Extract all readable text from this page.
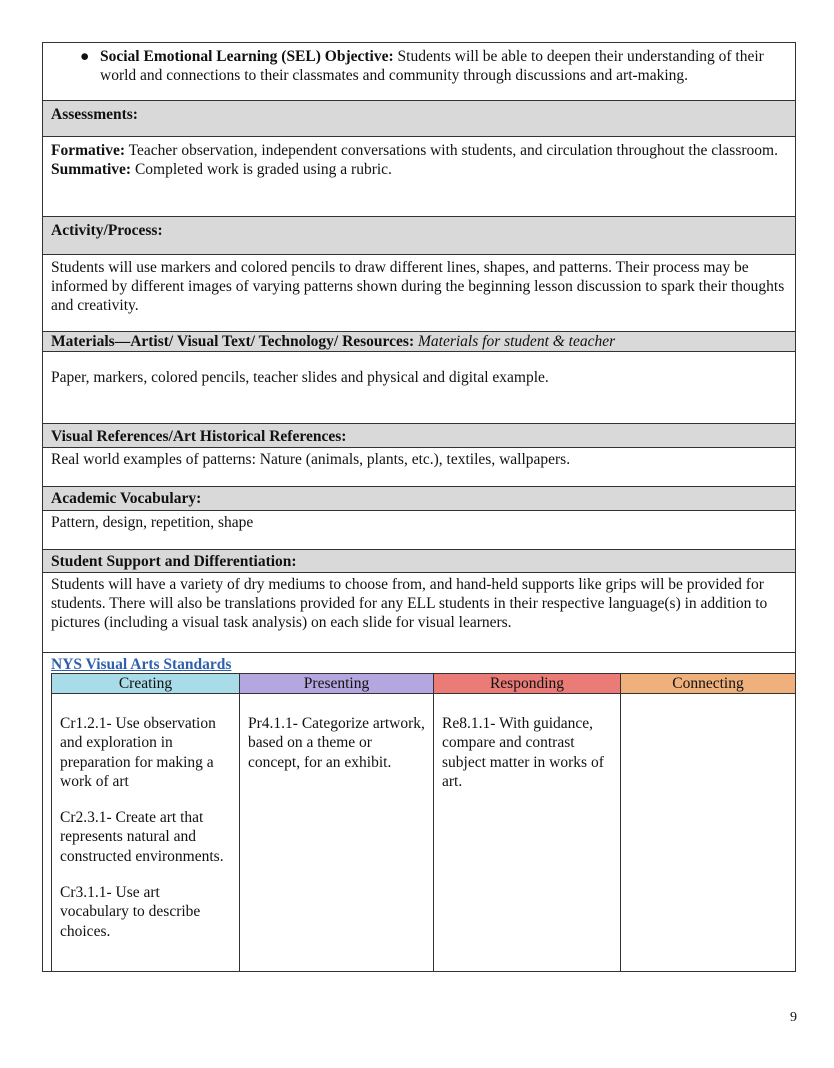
● Social Emotional Learning (SEL) Objective: Students will be able to deepen their understanding of their world and connections to their classmates and community through discussions and art-making.
Assessments:
Formative: Teacher observation, independent conversations with students, and circulation throughout the classroom.
Summative: Completed work is graded using a rubric.
Activity/Process:
Students will use markers and colored pencils to draw different lines, shapes, and patterns. Their process may be informed by different images of varying patterns shown during the beginning lesson discussion to spark their thoughts and creativity.
Materials—Artist/ Visual Text/ Technology/ Resources: Materials for student & teacher
Paper, markers, colored pencils, teacher slides and physical and digital example.
Visual References/Art Historical References:
Real world examples of patterns: Nature (animals, plants, etc.), textiles, wallpapers.
Academic Vocabulary:
Pattern, design, repetition, shape
Student Support and Differentiation:
Students will have a variety of dry mediums to choose from, and hand-held supports like grips will be provided for students. There will also be translations provided for any ELL students in their respective language(s) in addition to pictures (including a visual task analysis) on each slide for visual learners.
NYS Visual Arts Standards
Creating	Presenting	Responding	Connecting

Cr1.2.1- Use observation and exploration in preparation for making a work of art

Cr2.3.1- Create art that represents natural and constructed environments.

Cr3.1.1- Use art vocabulary to describe choices.	Pr4.1.1- Categorize artwork, based on a theme or concept, for an exhibit.	Re8.1.1- With guidance, compare and contrast subject matter in works of art.	

9
